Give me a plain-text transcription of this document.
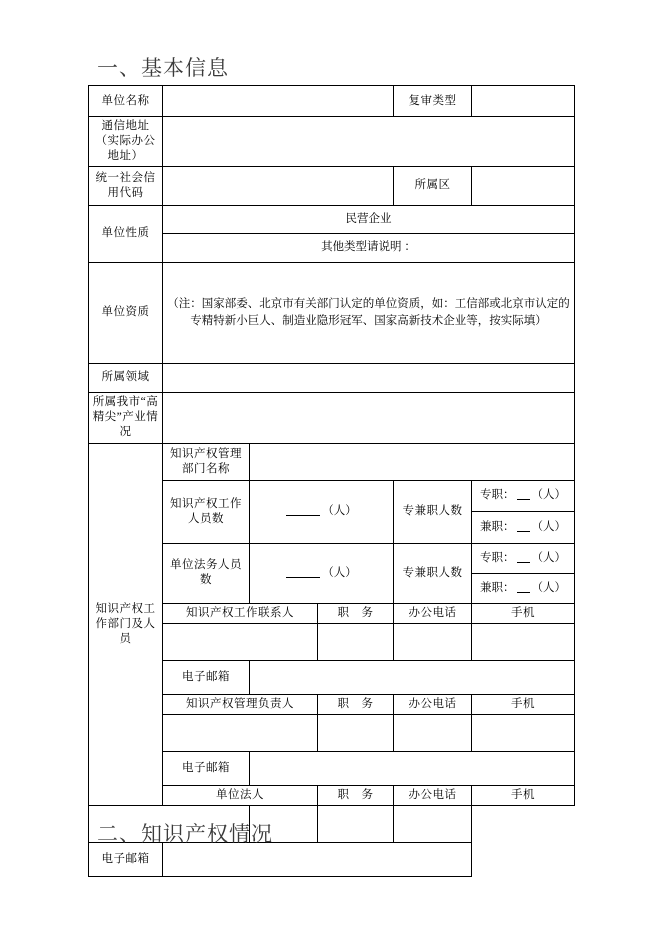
一、基本信息
单位名称				复审类型	
通信地址（实际办公地址）					
统一社会信用代码				所属区	
单位性质	民营企业				
	其他类型请说明 ：				
单位资质	（注：国家部委、北京市有关部门认定的单位资质，如：工信部或北京市认定的专精特新小巨人、制造业隐形冠军、国家高新技术企业等，按实际填）				
所属领域					
所属我市“高精尖”产业情况					
知识产权工作部门及人员	知识产权管理部门名称				
	知识产权工作人员数	（人）		专兼职人数	专职： （人）
					兼职： （人）
	单位法务人员数	（人）		专兼职人数	专职： （人）
					兼职： （人）
	知识产权工作联系人		职　务	办公电话	手机

	电子邮箱				
	知识产权管理负责人		职　务	办公电话	手机

	电子邮箱				
	单位法人		职　务	办公电话	手机

电子邮箱					
二、知识产权情况
